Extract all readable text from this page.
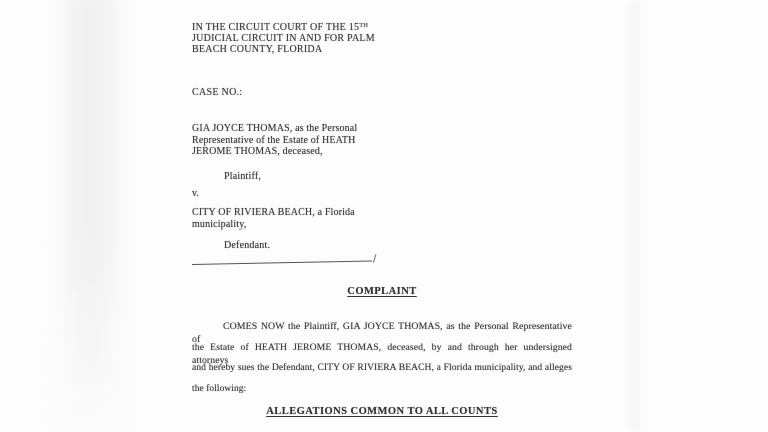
IN THE CIRCUIT COURT OF THE 15TH
JUDICIAL CIRCUIT IN AND FOR PALM
BEACH COUNTY, FLORIDA
CASE NO.:
GIA JOYCE THOMAS, as the Personal
Representative of the Estate of HEATH
JEROME THOMAS, deceased,
Plaintiff,
v.
CITY OF RIVIERA BEACH, a Florida
municipality,
Defendant.
/
COMPLAINT
COMES NOW the Plaintiff, GIA JOYCE THOMAS, as the Personal Representative of
the Estate of HEATH JEROME THOMAS, deceased, by and through her undersigned attorneys
and hereby sues the Defendant, CITY OF RIVIERA BEACH, a Florida municipality, and alleges
the following:
ALLEGATIONS COMMON TO ALL COUNTS
